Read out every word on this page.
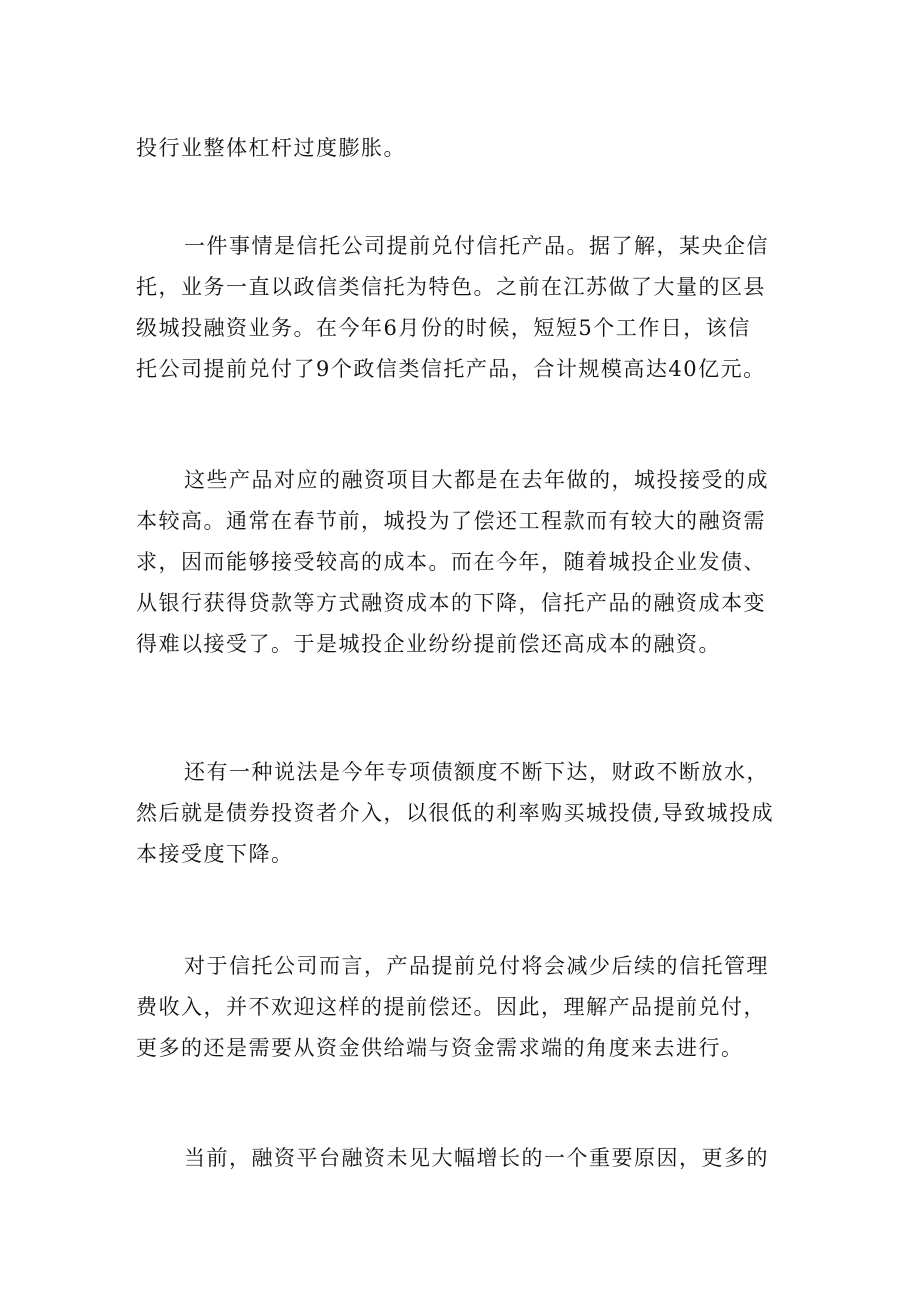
投行业整体杠杆过度膨胀。
一件事情是信托公司提前兑付信托产品。据了解，某央企信
托，业务一直以政信类信托为特色。之前在江苏做了大量的区县
级城投融资业务。在今年6月份的时候，短短5个工作日，该信
托公司提前兑付了9个政信类信托产品，合计规模高达40亿元。
这些产品对应的融资项目大都是在去年做的，城投接受的成
本较高。通常在春节前，城投为了偿还工程款而有较大的融资需
求，因而能够接受较高的成本。而在今年，随着城投企业发债、
从银行获得贷款等方式融资成本的下降，信托产品的融资成本变
得难以接受了。于是城投企业纷纷提前偿还高成本的融资。
还有一种说法是今年专项债额度不断下达，财政不断放水，
然后就是债券投资者介入，以很低的利率购买城投债,导致城投成
本接受度下降。
对于信托公司而言，产品提前兑付将会减少后续的信托管理
费收入，并不欢迎这样的提前偿还。因此，理解产品提前兑付，
更多的还是需要从资金供给端与资金需求端的角度来去进行。
当前，融资平台融资未见大幅增长的一个重要原因，更多的
